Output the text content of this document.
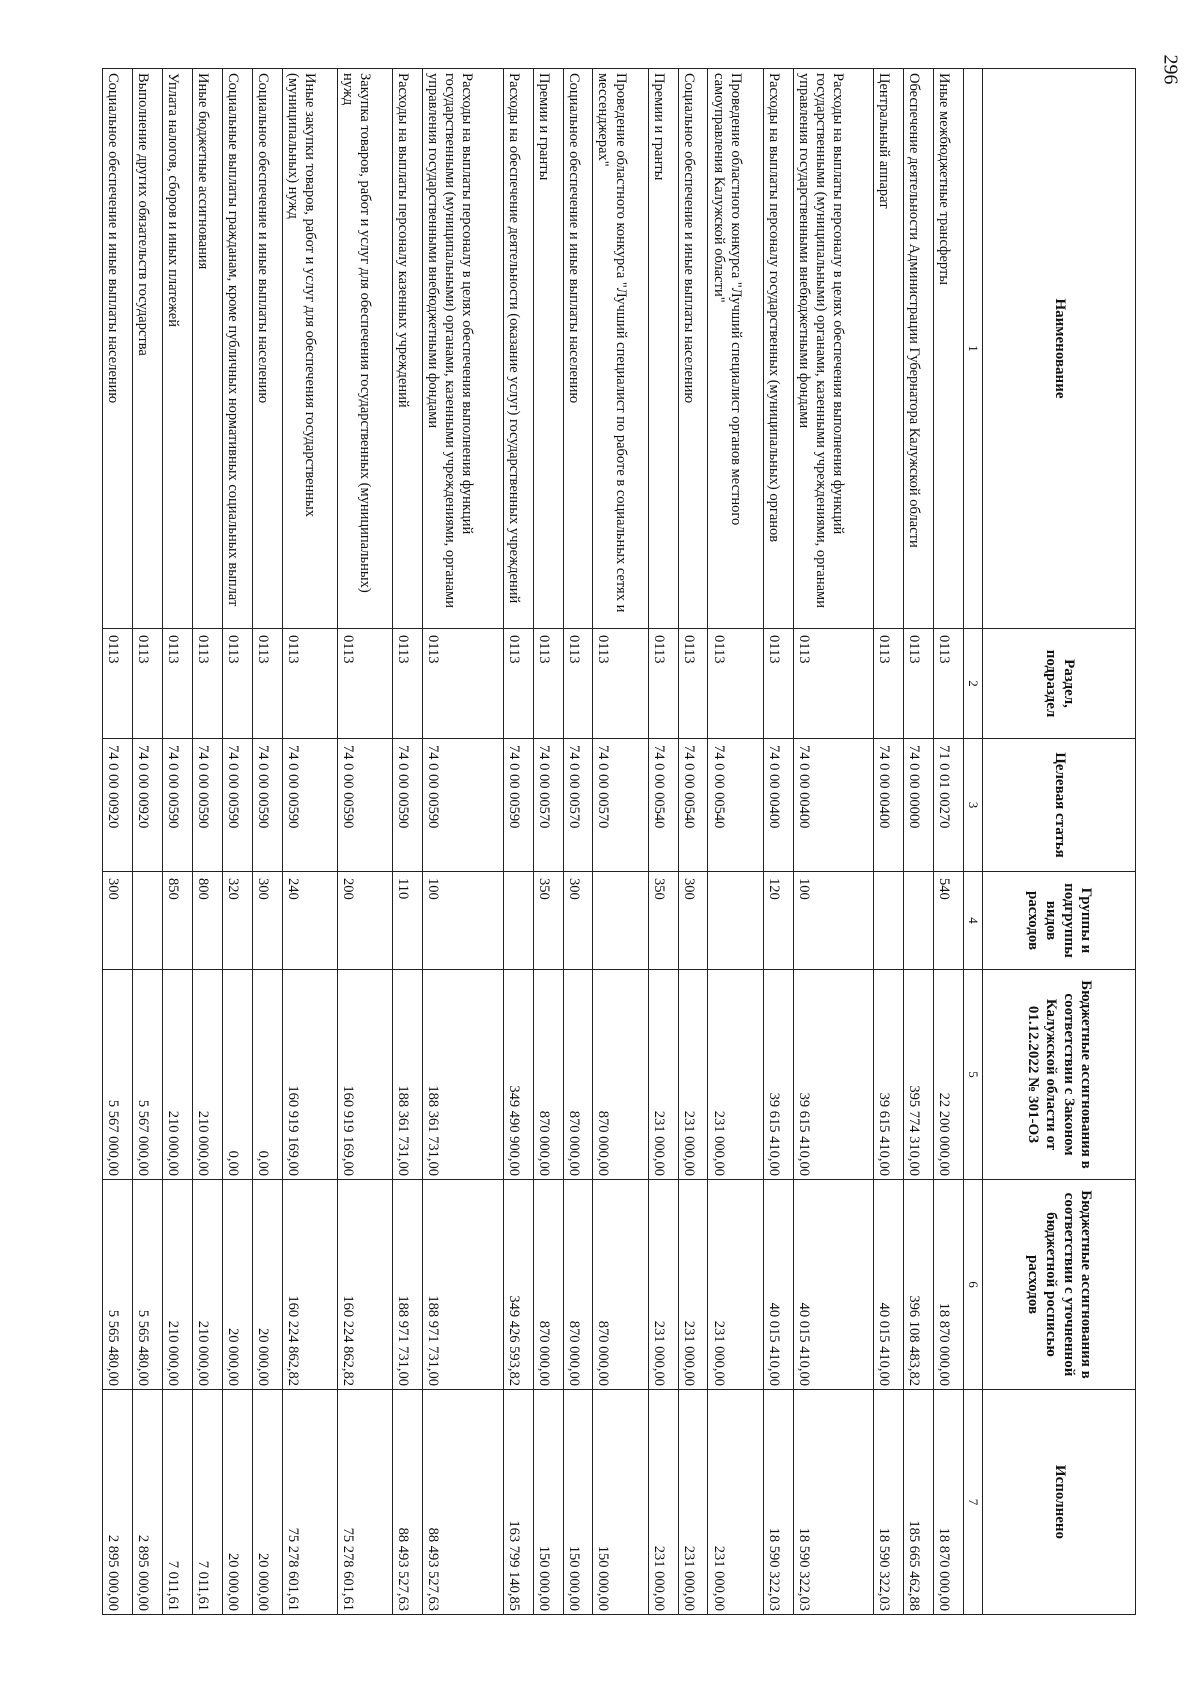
296
Наименование	Раздел, подраздел	Целевая статья	Группы и подгруппы видов расходов	Бюджетные ассигнования в соответствии с Законом Калужской области от 01.12.2022 № 301-ОЗ	Бюджетные ассигнования в соответствии с уточненной бюджетной росписью расходов	Исполнено
1	2	3	4	5	6	7
Иные межбюджетные трансферты	0113	71 0 01 00270	540	22 200 000,00	18 870 000,00	18 870 000,00
Обеспечение деятельности Администрации Губернатора Калужской области	0113	74 0 00 00000		395 774 310,00	396 108 483,82	185 665 462,88
Центральный аппарат	0113	74 0 00 00400		39 615 410,00	40 015 410,00	18 590 322,03
Расходы на выплаты персоналу в целях обеспечения выполнения функций государственными (муниципальными) органами, казенными учреждениями, органами управления государственными внебюджетными фондами	0113	74 0 00 00400	100	39 615 410,00	40 015 410,00	18 590 322,03
Расходы на выплаты персоналу государственных (муниципальных) органов	0113	74 0 00 00400	120	39 615 410,00	40 015 410,00	18 590 322,03
Проведение областного конкурса "Лучший специалист органов местного самоуправления Калужской области"	0113	74 0 00 00540		231 000,00	231 000,00	231 000,00
Социальное обеспечение и иные выплаты населению	0113	74 0 00 00540	300	231 000,00	231 000,00	231 000,00
Премии и гранты	0113	74 0 00 00540	350	231 000,00	231 000,00	231 000,00
Проведение областного конкурса "Лучший специалист по работе в социальных сетях и мессенджерах"	0113	74 0 00 00570		870 000,00	870 000,00	150 000,00
Социальное обеспечение и иные выплаты населению	0113	74 0 00 00570	300	870 000,00	870 000,00	150 000,00
Премии и гранты	0113	74 0 00 00570	350	870 000,00	870 000,00	150 000,00
Расходы на обеспечение деятельности (оказание услуг) государственных учреждений	0113	74 0 00 00590		349 490 900,00	349 426 593,82	163 799 140,85
Расходы на выплаты персоналу в целях обеспечения выполнения функций государственными (муниципальными) органами, казенными учреждениями, органами управления государственными внебюджетными фондами	0113	74 0 00 00590	100	188 361 731,00	188 971 731,00	88 493 527,63
Расходы на выплаты персоналу казенных учреждений	0113	74 0 00 00590	110	188 361 731,00	188 971 731,00	88 493 527,63
Закупка товаров, работ и услуг для обеспечения государственных (муниципальных) нужд	0113	74 0 00 00590	200	160 919 169,00	160 224 862,82	75 278 601,61
Иные закупки товаров, работ и услуг для обеспечения государственных (муниципальных) нужд	0113	74 0 00 00590	240	160 919 169,00	160 224 862,82	75 278 601,61
Социальное обеспечение и иные выплаты населению	0113	74 0 00 00590	300	0,00	20 000,00	20 000,00
Социальные выплаты гражданам, кроме публичных нормативных социальных выплат	0113	74 0 00 00590	320	0,00	20 000,00	20 000,00
Иные бюджетные ассигнования	0113	74 0 00 00590	800	210 000,00	210 000,00	7 011,61
Уплата налогов, сборов и иных платежей	0113	74 0 00 00590	850	210 000,00	210 000,00	7 011,61
Выполнение других обязательств государства	0113	74 0 00 00920		5 567 000,00	5 565 480,00	2 895 000,00
Социальное обеспечение и иные выплаты населению	0113	74 0 00 00920	300	5 567 000,00	5 565 480,00	2 895 000,00
